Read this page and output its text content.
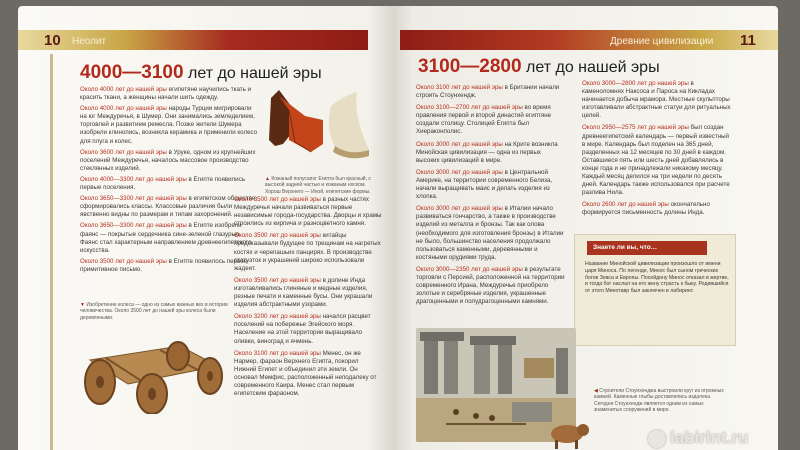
10 Неолит	Древние цивилизации 11
4000—3100 лет до нашей эры
Около 4000 лет до нашей эры египетяне научились ткать и красить ткани, а женщины начали шить одежду.
Около 4000 лет до нашей эры народы Турции мигрировали на юг Междуречья, в Шумер. Они занимались земледелием, торговлей и развитием ремесла. Позже жители Шумера изобрели клинопись, возникла керамика и применили колесо для плуга и колес.
Около 3600 лет до нашей эры в Уруке, одном из крупнейших поселений Междуречья, началось массовое производство стеклянных изделий.
Около 4000—3300 лет до нашей эры в Египте появились первые поселения.
Около 3650—3300 лет до нашей эры в египетском обществе сформировались классы. Классовые различия были явственно видны по размерам и типам захоронений.
Около 3650—3300 лет до нашей эры в Египте изобрели фаянс — покрытые сердечника сине-зеленой глазурью. Фаянс стал характерным направлением древнеегипетского искусства.
Около 3500 лет до нашей эры в Египте появилось первое примитивное письмо.
▲ Кожаный полусапог Египта был красный, с высокой задней частью и кожаным носком. Хорош Верхнего — Иной, египетские формы.
▼ Изобретение колеса — одно из самых важных вех в истории человечества. Около 3500 лет до нашей эры колеса были деревянными.
Около 3500 лет до нашей эры в разных частях Междуречья начали развиваться первые независимые города-государства. Дворцы и храмы строились из кирпича и разноцветного камня.
Около 3500 лет до нашей эры китайцы предсказывали будущее по трещинам на нагретых костях и черепашьих панцирях. В производстве статуэток и украшений широко использовали жадеит.
Около 3500 лет до нашей эры в долине Инда изготавливались глиняные и медные изделия, резные печати и каменные бусы. Они украшали изделия абстрактными узорами.
Около 3200 лет до нашей эры начался расцвет поселений на побережье Эгейского моря. Население на этой территории выращивало оливки, виноград и ячмень.
Около 3100 лет до нашей эры Менес, он же Нармер, фараон Верхнего Египта, покорил Нижний Египет и объединил эти земли. Он основал Мемфис, расположенный неподалеку от современного Каира. Менес стал первым египетским фараоном.
3100—2800 лет до нашей эры
Около 3100 лет до нашей эры в Британии начали строить Стоунхендж.
Около 3100—2700 лет до нашей эры во время правления первой и второй династий египтяне создали столицу. Столицей Египта был Хиераконполис.
Около 3000 лет до нашей эры на Крите возникла Минойская цивилизация — одна из первых высоких цивилизаций в мире.
Около 3000 лет до нашей эры в Центральной Америке, на территории современного Белиза, начали выращивать маис и делать изделия из хлопка.
Около 3000 лет до нашей эры в Италии начало развиваться гончарство, а также в производстве изделий из металла и бронзы. Так как олова (необходимого для изготовления бронзы) в Италии не было, большинство населения продолжало пользоваться каменными, деревянными и костяными орудиями труда.
Около 3000—2350 лет до нашей эры в результате торговли с Персией, расположенной на территории современного Ирана, Междуречье приобрело золотые и серебряные изделия, украшенные драгоценными и полудрагоценными камнями.
Около 3000—2800 лет до нашей эры в каменоломнях Наксоса и Пароса на Кикладах начинается добыча мрамора. Местные скульпторы изготавливали абстрактные статуи для ритуальных целей.
Около 2950—2575 лет до нашей эры был создан древнеегипетский календарь — первый известный в мире. Календарь был поделен на 365 дней, разделенных на 12 месяцев по 30 дней в каждом. Оставшиеся пять или шесть дней добавлялись в конце года и не принадлежали никакому месяцу. Каждый месяц делился на три недели по десять дней. Календарь также использовался при расчете разлива Нила.
Около 2600 лет до нашей эры окончательно формируется письменность долины Инда.
Знаете ли вы, что…
Название Минойской цивилизации произошло от имени царя Миноса. По легенде, Минос был сыном греческих богов Зевса и Европы. Посейдону Минос отказал в жертве, и тогда бог наслал на его жену страсть к быку. Родившийся от этого Минотавр был заключен в лабиринт.
◀ Строители Стоунхенджа выстроили круг из огромных камней. Каменные глыбы доставлялись издалека. Сегодня Стоунхендж является одним из самых знаменитых сооружений в мире.
labirint.ru
